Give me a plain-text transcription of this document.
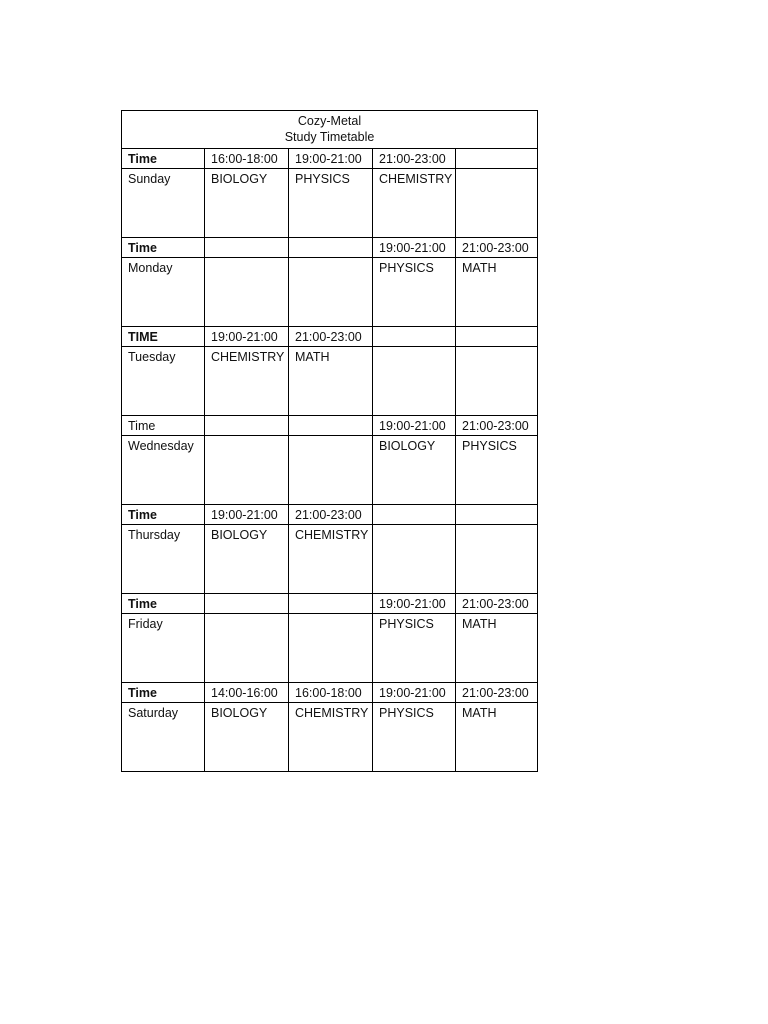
Cozy-Metal
Study Timetable				

Time	16:00-18:00	19:00-21:00	21:00-23:00	
Sunday	BIOLOGY	PHYSICS	CHEMISTRY	
Time			19:00-21:00	21:00-23:00
Monday			PHYSICS	MATH
TIME	19:00-21:00	21:00-23:00		
Tuesday	CHEMISTRY	MATH		
Time			19:00-21:00	21:00-23:00
Wednesday			BIOLOGY	PHYSICS
Time	19:00-21:00	21:00-23:00		
Thursday	BIOLOGY	CHEMISTRY		
Time			19:00-21:00	21:00-23:00
Friday			PHYSICS	MATH
Time	14:00-16:00	16:00-18:00	19:00-21:00	21:00-23:00
Saturday	BIOLOGY	CHEMISTRY	PHYSICS	MATH
